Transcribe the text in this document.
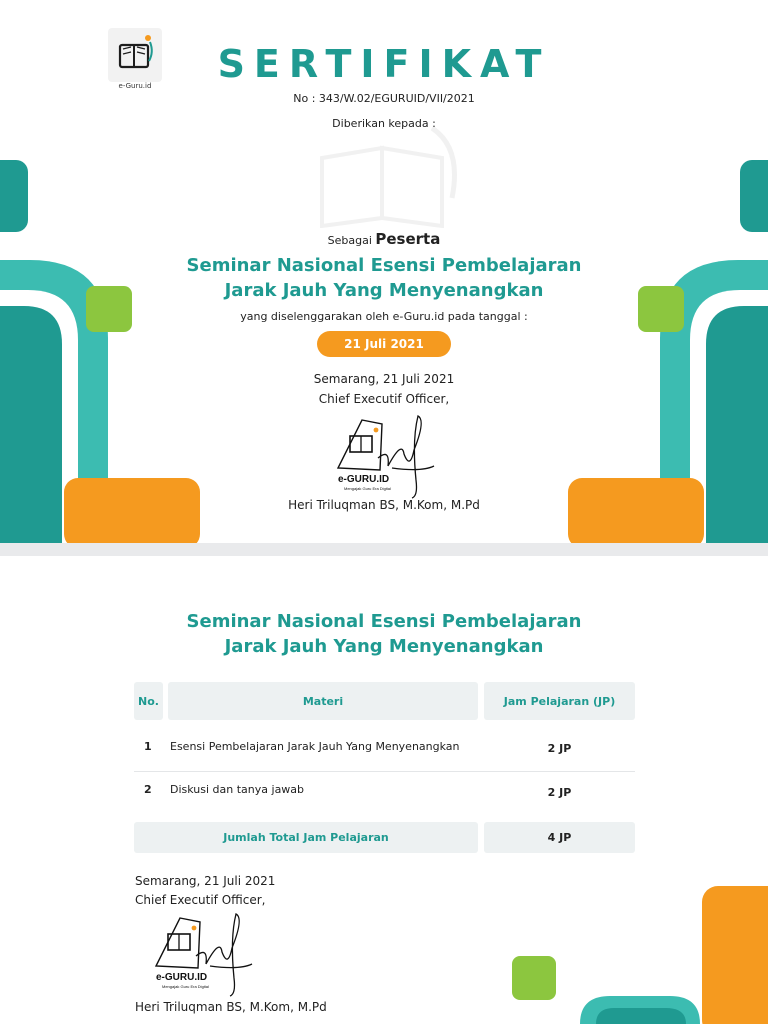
e-Guru.id	SERTIFIKAT
No : 343/W.02/EGURUID/VII/2021
Diberikan kepada :
Sebagai Peserta
Seminar Nasional Esensi Pembelajaran
Jarak Jauh Yang Menyenangkan
yang diselenggarakan oleh e-Guru.id pada tanggal :
21 Juli 2021
Semarang, 21 Juli 2021
Chief Executif Officer,
e-GURU.ID
Mengajak Guru Era Digital
Heri Triluqman BS, M.Kom, M.Pd
Seminar Nasional Esensi Pembelajaran
Jarak Jauh Yang Menyenangkan
No.	Materi	Jam Pelajaran (JP)
1 Esensi Pembelajaran Jarak Jauh Yang Menyenangkan	2 JP
2 Diskusi dan tanya jawab	2 JP
Jumlah Total Jam Pelajaran	4 JP
Semarang, 21 Juli 2021
Chief Executif Officer,
e-GURU.ID
Mengajak Guru Era Digital
Heri Triluqman BS, M.Kom, M.Pd
